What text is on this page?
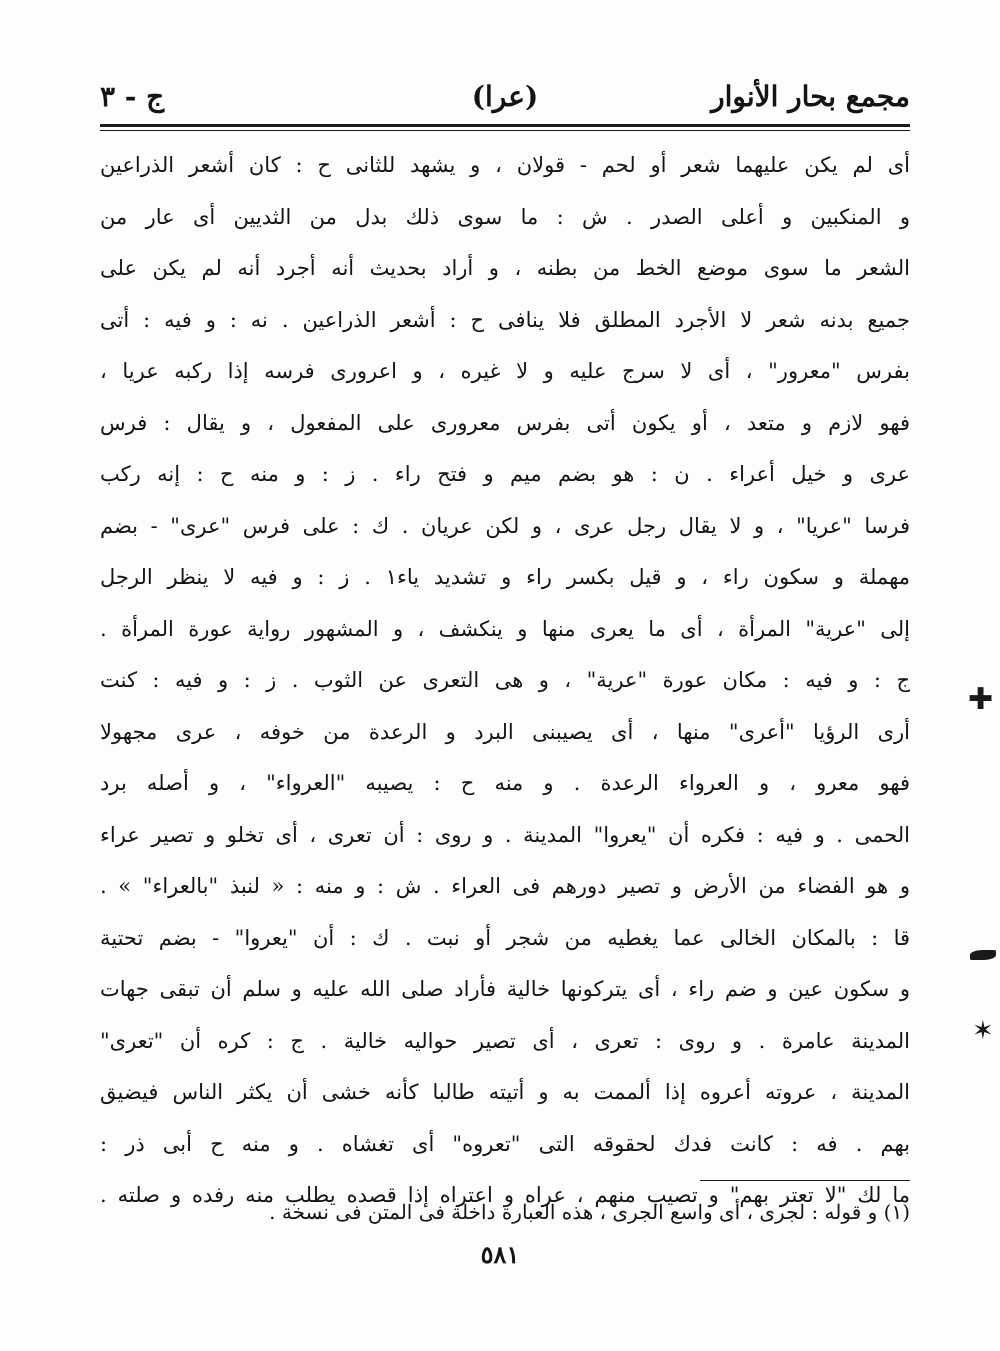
مجمع بحار الأنوار
(عرا)
ج - ٣
أى لم يكن عليهما شعر أو لحم - قولان ، و يشهد للثانى ح : كان أشعر الذراعين
و المنكبين و أعلى الصدر . ش : ما سوى ذلك بدل من الثديين أى عار من
الشعر ما سوى موضع الخط من بطنه ، و أراد بحديث أنه أجرد أنه لم يكن على
جميع بدنه شعر لا الأجرد المطلق فلا ينافى ح : أشعر الذراعين . نه : و فيه : أتى
بفرس "معرور" ، أى لا سرج عليه و لا غيره ، و اعرورى فرسه إذا ركبه عريا ،
فهو لازم و متعد ، أو يكون أتى بفرس معرورى على المفعول ، و يقال : فرس
عرى و خيل أعراء . ن : هو بضم ميم و فتح راء . ز : و منه ح : إنه ركب
فرسا "عريا" ، و لا يقال رجل عرى ، و لكن عريان . ك : على فرس "عرى" - بضم
مهملة و سكون راء ، و قيل بكسر راء و تشديد ياء١ . ز : و فيه لا ينظر الرجل
إلى "عرية" المرأة ، أى ما يعرى منها و ينكشف ، و المشهور رواية عورة المرأة .
ج : و فيه : مكان عورة "عرية" ، و هى التعرى عن الثوب . ز : و فيه : كنت
أرى الرؤيا "أعرى" منها ، أى يصيبنى البرد و الرعدة من خوفه ، عرى مجهولا
فهو معرو ، و العرواء الرعدة . و منه ح : يصيبه "العرواء" ، و أصله برد
الحمى . و فيه : فكره أن "يعروا" المدينة . و روى : أن تعرى ، أى تخلو و تصير عراء
و هو الفضاء من الأرض و تصير دورهم فى العراء . ش : و منه : « لنبذ "بالعراء" » .
قا : بالمكان الخالى عما يغطيه من شجر أو نبت . ك : أن "يعروا" - بضم تحتية
و سكون عين و ضم راء ، أى يتركونها خالية فأراد صلى الله عليه و سلم أن تبقى جهات
المدينة عامرة . و روى : تعرى ، أى تصير حواليه خالية . ج : كره أن "تعرى"
المدينة ، عروته أعروه إذا ألممت به و أتيته طالبا كأنه خشى أن يكثر الناس فيضيق
بهم . فه : كانت فدك لحقوقه التى "تعروه" أى تغشاه . و منه ح أبى ذر :
ما لك "لا تعتر بهم" و تصيب منهم ، عراه و اعتراه إذا قصده يطلب منه رفده و صلته .
(١) و قوله : لجرى ، أى واسع الجرى ، هذه العبارة داخلة فى المتن فى نسخة .
٥٨١
✚
✶
